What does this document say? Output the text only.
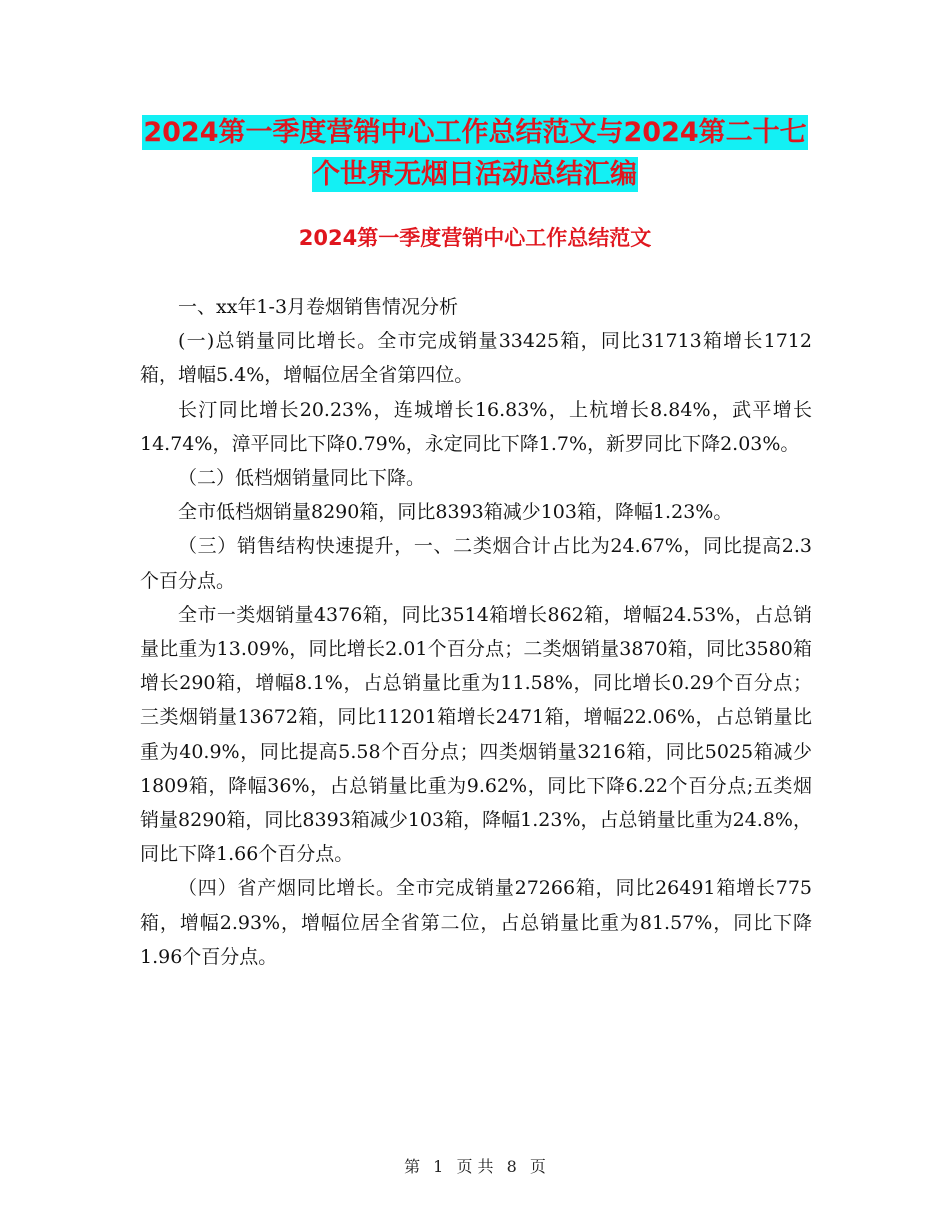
2024第一季度营销中心工作总结范文与2024第二十七
个世界无烟日活动总结汇编
2024第一季度营销中心工作总结范文

一、xx年1-3月卷烟销售情况分析

(一)总销量同比增长。全市完成销量33425箱，同比31713箱增长1712箱，增幅5.4%，增幅位居全省第四位。

长汀同比增长20.23%，连城增长16.83%，上杭增长8.84%，武平增长14.74%，漳平同比下降0.79%，永定同比下降1.7%，新罗同比下降2.03%。

（二）低档烟销量同比下降。

全市低档烟销量8290箱，同比8393箱减少103箱，降幅1.23%。

（三）销售结构快速提升，一、二类烟合计占比为24.67%，同比提高2.3个百分点。

全市一类烟销量4376箱，同比3514箱增长862箱，增幅24.53%，占总销量比重为13.09%，同比增长2.01个百分点；二类烟销量3870箱，同比3580箱增长290箱，增幅8.1%，占总销量比重为11.58%，同比增长0.29个百分点；三类烟销量13672箱，同比11201箱增长2471箱，增幅22.06%，占总销量比重为40.9%，同比提高5.58个百分点；四类烟销量3216箱，同比5025箱减少1809箱，降幅36%，占总销量比重为9.62%，同比下降6.22个百分点;五类烟销量8290箱，同比8393箱减少103箱，降幅1.23%，占总销量比重为24.8%，同比下降1.66个百分点。

（四）省产烟同比增长。全市完成销量27266箱，同比26491箱增长775箱，增幅2.93%，增幅位居全省第二位，占总销量比重为81.57%，同比下降1.96个百分点。

第 1 页 共 8 页
